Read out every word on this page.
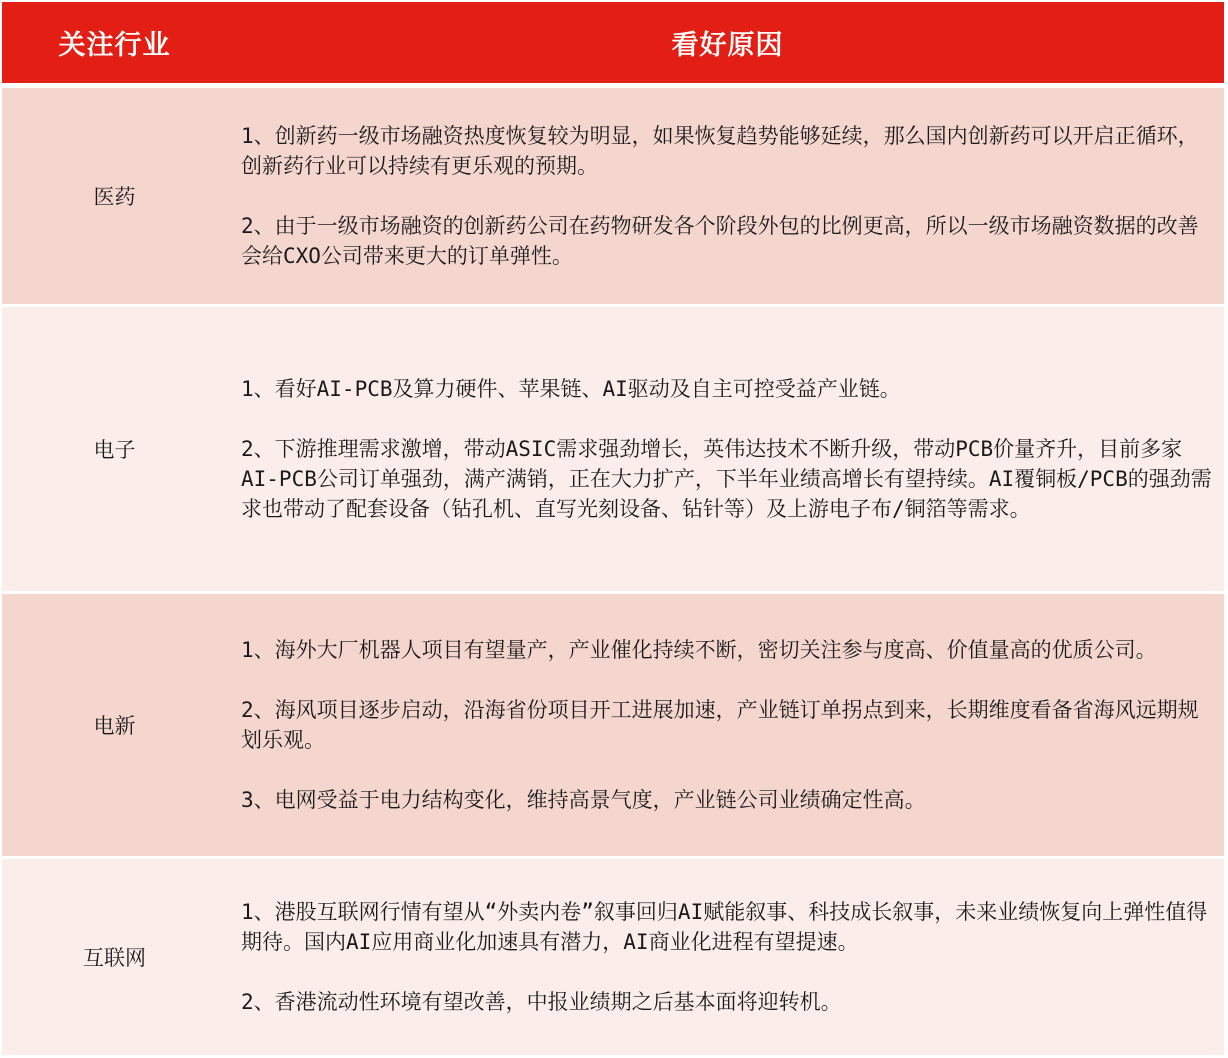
关注行业	看好原因
医药

1、创新药一级市场融资热度恢复较为明显，如果恢复趋势能够延续，那么国内创新药可以开启正循环，创新药行业可以持续有更乐观的预期。

2、由于一级市场融资的创新药公司在药物研发各个阶段外包的比例更高，所以一级市场融资数据的改善会给CXO公司带来更大的订单弹性。

电子

1、看好AI-PCB及算力硬件、苹果链、AI驱动及自主可控受益产业链。

2、下游推理需求激增，带动ASIC需求强劲增长，英伟达技术不断升级，带动PCB价量齐升，目前多家AI-PCB公司订单强劲，满产满销，正在大力扩产，下半年业绩高增长有望持续。AI覆铜板/PCB的强劲需求也带动了配套设备（钻孔机、直写光刻设备、钻针等）及上游电子布/铜箔等需求。

电新

1、海外大厂机器人项目有望量产，产业催化持续不断，密切关注参与度高、价值量高的优质公司。

2、海风项目逐步启动，沿海省份项目开工进展加速，产业链订单拐点到来，长期维度看备省海风远期规划乐观。

3、电网受益于电力结构变化，维持高景气度，产业链公司业绩确定性高。

互联网

1、港股互联网行情有望从“外卖内卷”叙事回归AI赋能叙事、科技成长叙事，未来业绩恢复向上弹性值得期待。国内AI应用商业化加速具有潜力，AI商业化进程有望提速。

2、香港流动性环境有望改善，中报业绩期之后基本面将迎转机。
